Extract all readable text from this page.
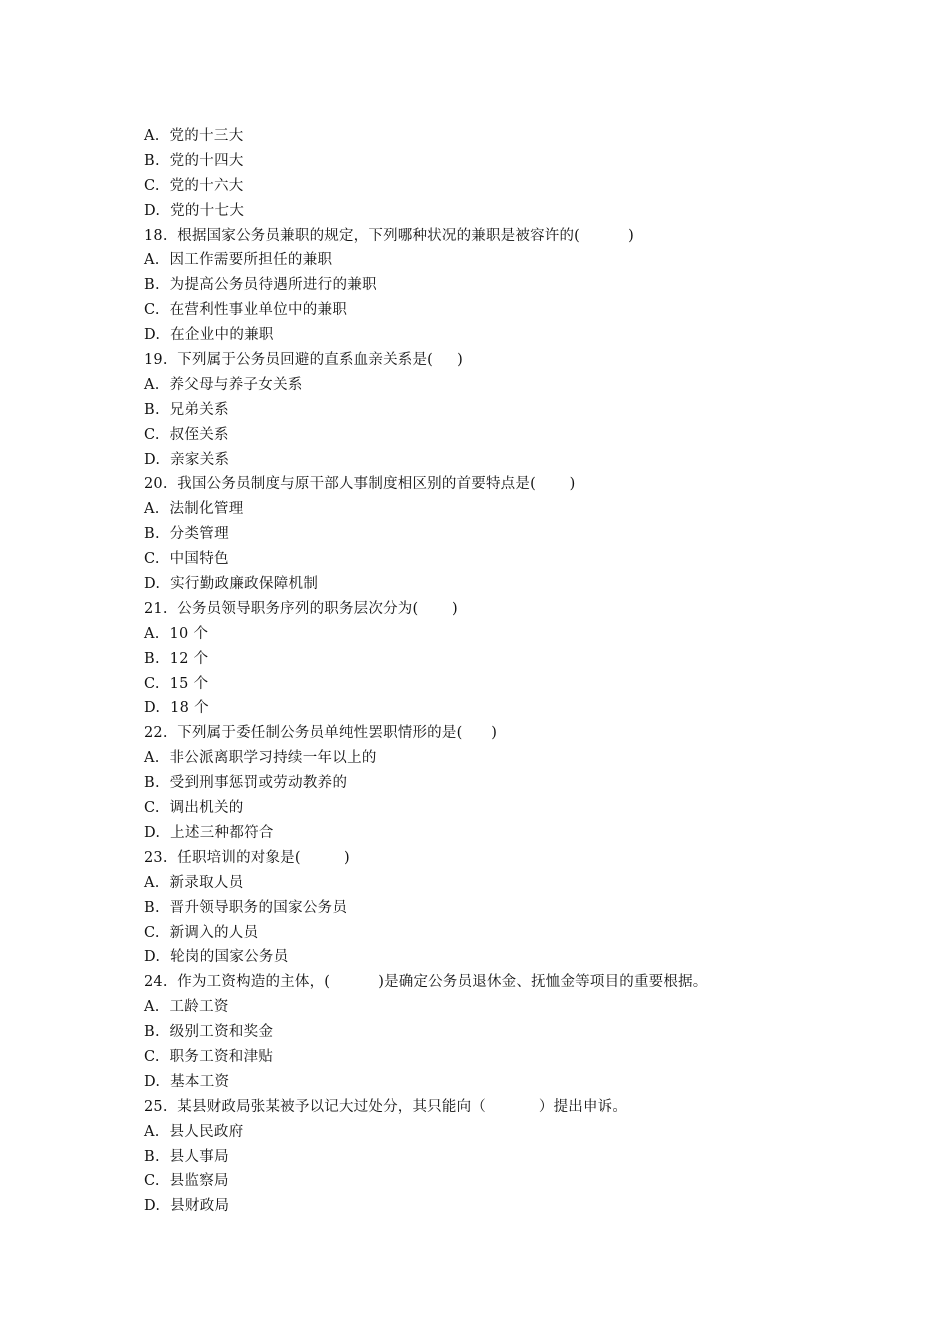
A.  党的十三大
B.  党的十四大
C.  党的十六大
D.  党的十七大
18.  根据国家公务员兼职的规定，下列哪种状况的兼职是被容许的(          )
A.  因工作需要所担任的兼职
B.  为提高公务员待遇所进行的兼职
C.  在营利性事业单位中的兼职
D.  在企业中的兼职
19.  下列属于公务员回避的直系血亲关系是(     )
A.  养父母与养子女关系
B.  兄弟关系
C.  叔侄关系
D.  亲家关系
20.  我国公务员制度与原干部人事制度相区别的首要特点是(       )
A.  法制化管理
B.  分类管理
C.  中国特色
D.  实行勤政廉政保障机制
21.  公务员领导职务序列的职务层次分为(       )
A.  10 个
B.  12 个
C.  15 个
D.  18 个
22.  下列属于委任制公务员单纯性罢职情形的是(      )
A.  非公派离职学习持续一年以上的
B.  受到刑事惩罚或劳动教养的
C.  调出机关的
D.  上述三种都符合
23.  任职培训的对象是(         )
A.  新录取人员
B.  晋升领导职务的国家公务员
C.  新调入的人员
D.  轮岗的国家公务员
24.  作为工资构造的主体，(          )是确定公务员退休金、抚恤金等项目的重要根据。
A.  工龄工资
B.  级别工资和奖金
C.  职务工资和津贴
D.  基本工资
25.  某县财政局张某被予以记大过处分，其只能向（           ）提出申诉。
A.  县人民政府
B.  县人事局
C.  县监察局
D.  县财政局
